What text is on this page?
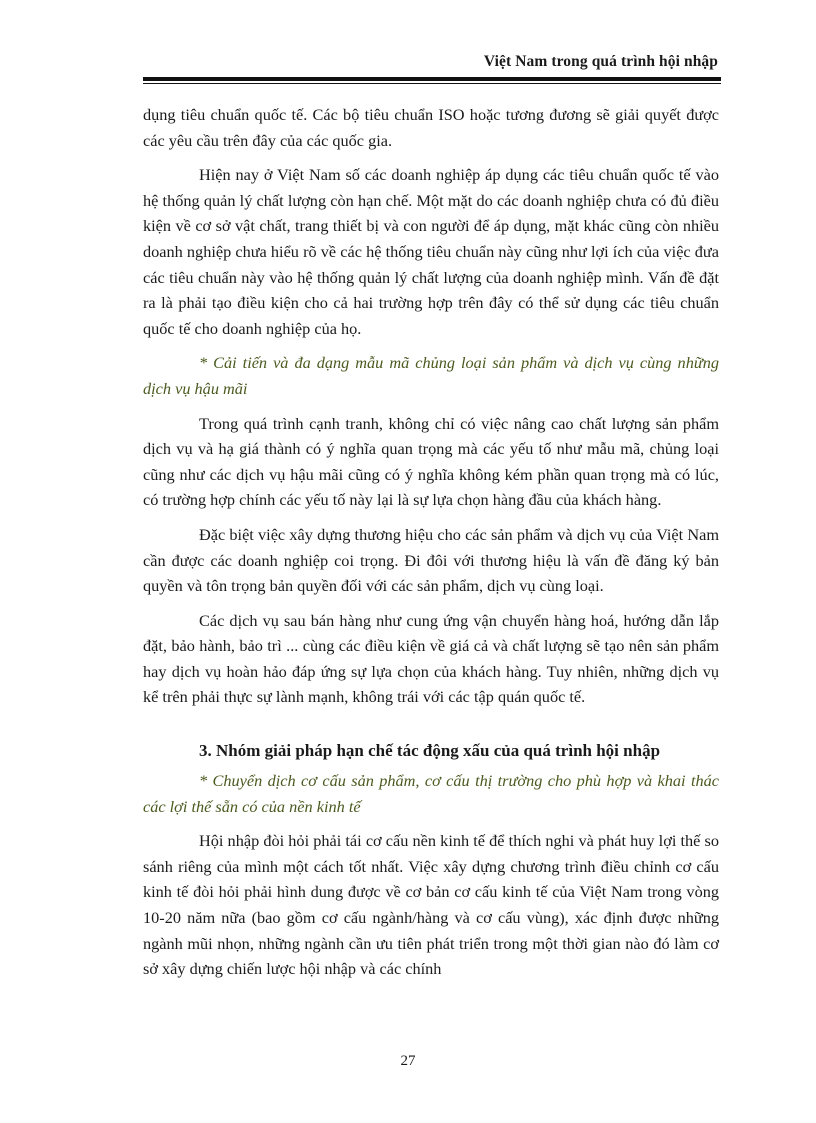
Việt Nam trong quá trình hội nhập

dụng tiêu chuẩn quốc tế. Các bộ tiêu chuẩn ISO hoặc tương đương sẽ giải quyết được các yêu cầu trên đây của các quốc gia.

Hiện nay ở Việt Nam số các doanh nghiệp áp dụng các tiêu chuẩn quốc tế vào hệ thống quản lý chất lượng còn hạn chế. Một mặt do các doanh nghiệp chưa có đủ điều kiện về cơ sở vật chất, trang thiết bị và con người để áp dụng, mặt khác cũng còn nhiều doanh nghiệp chưa hiểu rõ về các hệ thống tiêu chuẩn này cũng như lợi ích của việc đưa các tiêu chuẩn này vào hệ thống quản lý chất lượng của doanh nghiệp mình. Vấn đề đặt ra là phải tạo điều kiện cho cả hai trường hợp trên đây có thể sử dụng các tiêu chuẩn quốc tế cho doanh nghiệp của họ.

* Cải tiến và đa dạng mẫu mã chủng loại sản phẩm và dịch vụ cùng những dịch vụ hậu mãi

Trong quá trình cạnh tranh, không chỉ có việc nâng cao chất lượng sản phẩm dịch vụ và hạ giá thành có ý nghĩa quan trọng mà các yếu tố như mẫu mã, chủng loại cũng như các dịch vụ hậu mãi cũng có ý nghĩa không kém phần quan trọng mà có lúc, có trường hợp chính các yếu tố này lại là sự lựa chọn hàng đầu của khách hàng.

Đặc biệt việc xây dựng thương hiệu cho các sản phẩm và dịch vụ của Việt Nam cần được các doanh nghiệp coi trọng. Đi đôi với thương hiệu là vấn đề đăng ký bản quyền và tôn trọng bản quyền đối với các sản phẩm, dịch vụ cùng loại.

Các dịch vụ sau bán hàng như cung ứng vận chuyển hàng hoá, hướng dẫn lắp đặt, bảo hành, bảo trì ... cùng các điều kiện về giá cả và chất lượng sẽ tạo nên sản phẩm hay dịch vụ hoàn hảo đáp ứng sự lựa chọn của khách hàng. Tuy nhiên, những dịch vụ kể trên phải thực sự lành mạnh, không trái với các tập quán quốc tế.

3. Nhóm giải pháp hạn chế tác động xấu của quá trình hội nhập

* Chuyển dịch cơ cấu sản phẩm, cơ cấu thị trường cho phù hợp và khai thác các lợi thế sẵn có của nền kinh tế

Hội nhập đòi hỏi phải tái cơ cấu nền kinh tế để thích nghi và phát huy lợi thế so sánh riêng của mình một cách tốt nhất. Việc xây dựng chương trình điều chỉnh cơ cấu kinh tế đòi hỏi phải hình dung được về cơ bản cơ cấu kinh tế của Việt Nam trong vòng 10-20 năm nữa (bao gồm cơ cấu ngành/hàng và cơ cấu vùng), xác định được những ngành mũi nhọn, những ngành cần ưu tiên phát triển trong một thời gian nào đó làm cơ sở xây dựng chiến lược hội nhập và các chính

27
